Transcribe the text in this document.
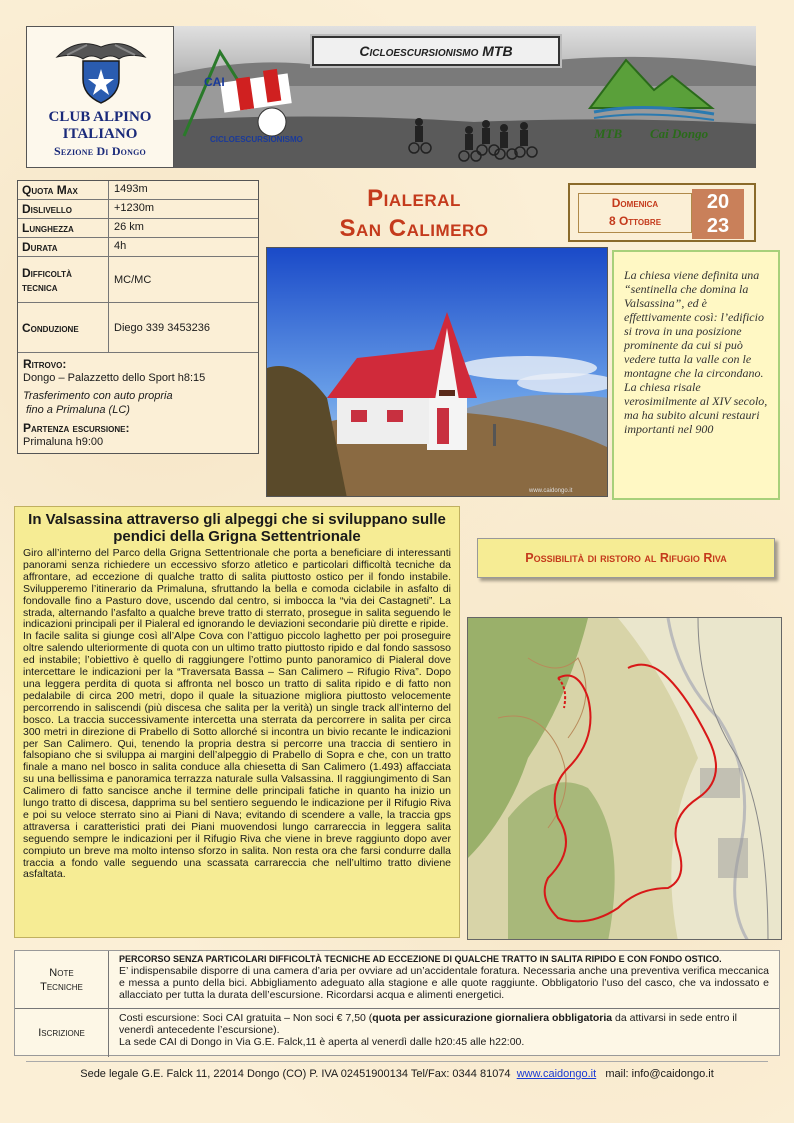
CLUB ALPINO
ITALIANO
Sezione Di Dongo
CAI
CICLOESCURSIONISMO	MTB Cai Dongo
Cicloescursionismo MTB
Quota Max	1493m
Dislivello	+1230m
Lunghezza	26 km
Durata	4h
Difficoltà tecnica	MC/MC
Conduzione	Diego 339 3453236
Ritrovo:
Dongo – Palazzetto dello Sport h8:15
Trasferimento con auto propria
fino a Primaluna (LC)
Partenza escursione:
Primaluna h9:00
Pialeral
San Calimero
Domenica
8 Ottobre
20
23
www.caidongo.it
La chiesa viene definita una “sentinella che domina la Valsassina”, ed è effettivamente così: l’edificio si trova in una posizione prominente da cui si può vedere tutta la valle con le montagne che la circondano. La chiesa risale verosimilmente al XIV secolo, ma ha subito alcuni restauri importanti nel 900
In Valsassina attraverso gli alpeggi che si sviluppano sulle pendici della Grigna Settentrionale
Giro all’interno del Parco della Grigna Settentrionale che porta a beneficiare di interessanti panorami senza richiedere un eccessivo sforzo atletico e particolari difficoltà tecniche da affrontare, ad eccezione di qualche tratto di salita piuttosto ostico per il fondo instabile. Svilupperemo l’itinerario da Primaluna, sfruttando la bella e comoda ciclabile in asfalto di fondovalle fino a Pasturo dove, uscendo dal centro, si imbocca la “via dei Castagneti”. La strada, alternando l’asfalto a qualche breve tratto di sterrato, prosegue in salita seguendo le indicazioni principali per il Pialeral ed ignorando le deviazioni secondarie più dirette e ripide.
In facile salita si giunge così all’Alpe Cova con l’attiguo piccolo laghetto per poi proseguire oltre salendo ulteriormente di quota con un ultimo tratto piuttosto ripido e dal fondo sassoso ed instabile; l’obiettivo è quello di raggiungere l’ottimo punto panoramico di Pialeral dove intercettare le indicazioni per la “Traversata Bassa – San Calimero – Rifugio Riva”. Dopo una leggera perdita di quota si affronta nel bosco un tratto di salita ripido e di fatto non pedalabile di circa 200 metri, dopo il quale la situazione migliora piuttosto velocemente percorrendo in saliscendi (più discesa che salita per la verità) un single track all’interno del bosco. La traccia successivamente intercetta una sterrata da percorrere in salita per circa 300 metri in direzione di Prabello di Sotto allorché si incontra un bivio recante le indicazioni per San Calimero. Qui, tenendo la propria destra si percorre una traccia di sentiero in falsopiano che si sviluppa ai margini dell’alpeggio di Prabello di Sopra e che, con un tratto finale a mano nel bosco in salita conduce alla chiesetta di San Calimero (1.493) affacciata su una bellissima e panoramica terrazza naturale sulla Valsassina. Il raggiungimento di San Calimero di fatto sancisce anche il termine delle principali fatiche in quanto ha inizio un lungo tratto di discesa, dapprima su bel sentiero seguendo le indicazione per il Rifugio Riva e poi su veloce sterrato sino ai Piani di Nava; evitando di scendere a valle, la traccia gps attraversa i caratteristici prati dei Piani muovendosi lungo carrareccia in leggera salita seguendo sempre le indicazioni per il Rifugio Riva che viene in breve raggiunto dopo aver compiuto un breve ma molto intenso sforzo in salita. Non resta ora che farsi condurre dalla traccia a fondo valle seguendo una scassata carrareccia che nell’ultimo tratto diviene asfaltata.
Possibilità di ristoro al Rifugio Riva
Note
Tecniche
PERCORSO SENZA PARTICOLARI DIFFICOLTÀ TECNICHE AD ECCEZIONE DI QUALCHE TRATTO IN SALITA RIPIDO E CON FONDO OSTICO.
E’ indispensabile disporre di una camera d’aria per ovviare ad un’accidentale foratura. Necessaria anche una preventiva verifica meccanica e messa a punto della bici. Abbigliamento adeguato alla stagione e alle quote raggiunte. Obbligatorio l’uso del casco, che va indossato e allacciato per tutta la durata dell’escursione. Ricordarsi acqua e alimenti energetici.
Iscrizione
Costi escursione: Soci CAI gratuita – Non soci € 7,50 (quota per assicurazione giornaliera obbligatoria da attivarsi in sede entro il venerdì antecedente l’escursione).
La sede CAI di Dongo in Via G.E. Falck,11 è aperta al venerdì dalle h20:45 alle h22:00.
Sede legale G.E. Falck 11, 22014 Dongo (CO) P. IVA 02451900134 Tel/Fax: 0344 81074 www.caidongo.it mail: info@caidongo.it
